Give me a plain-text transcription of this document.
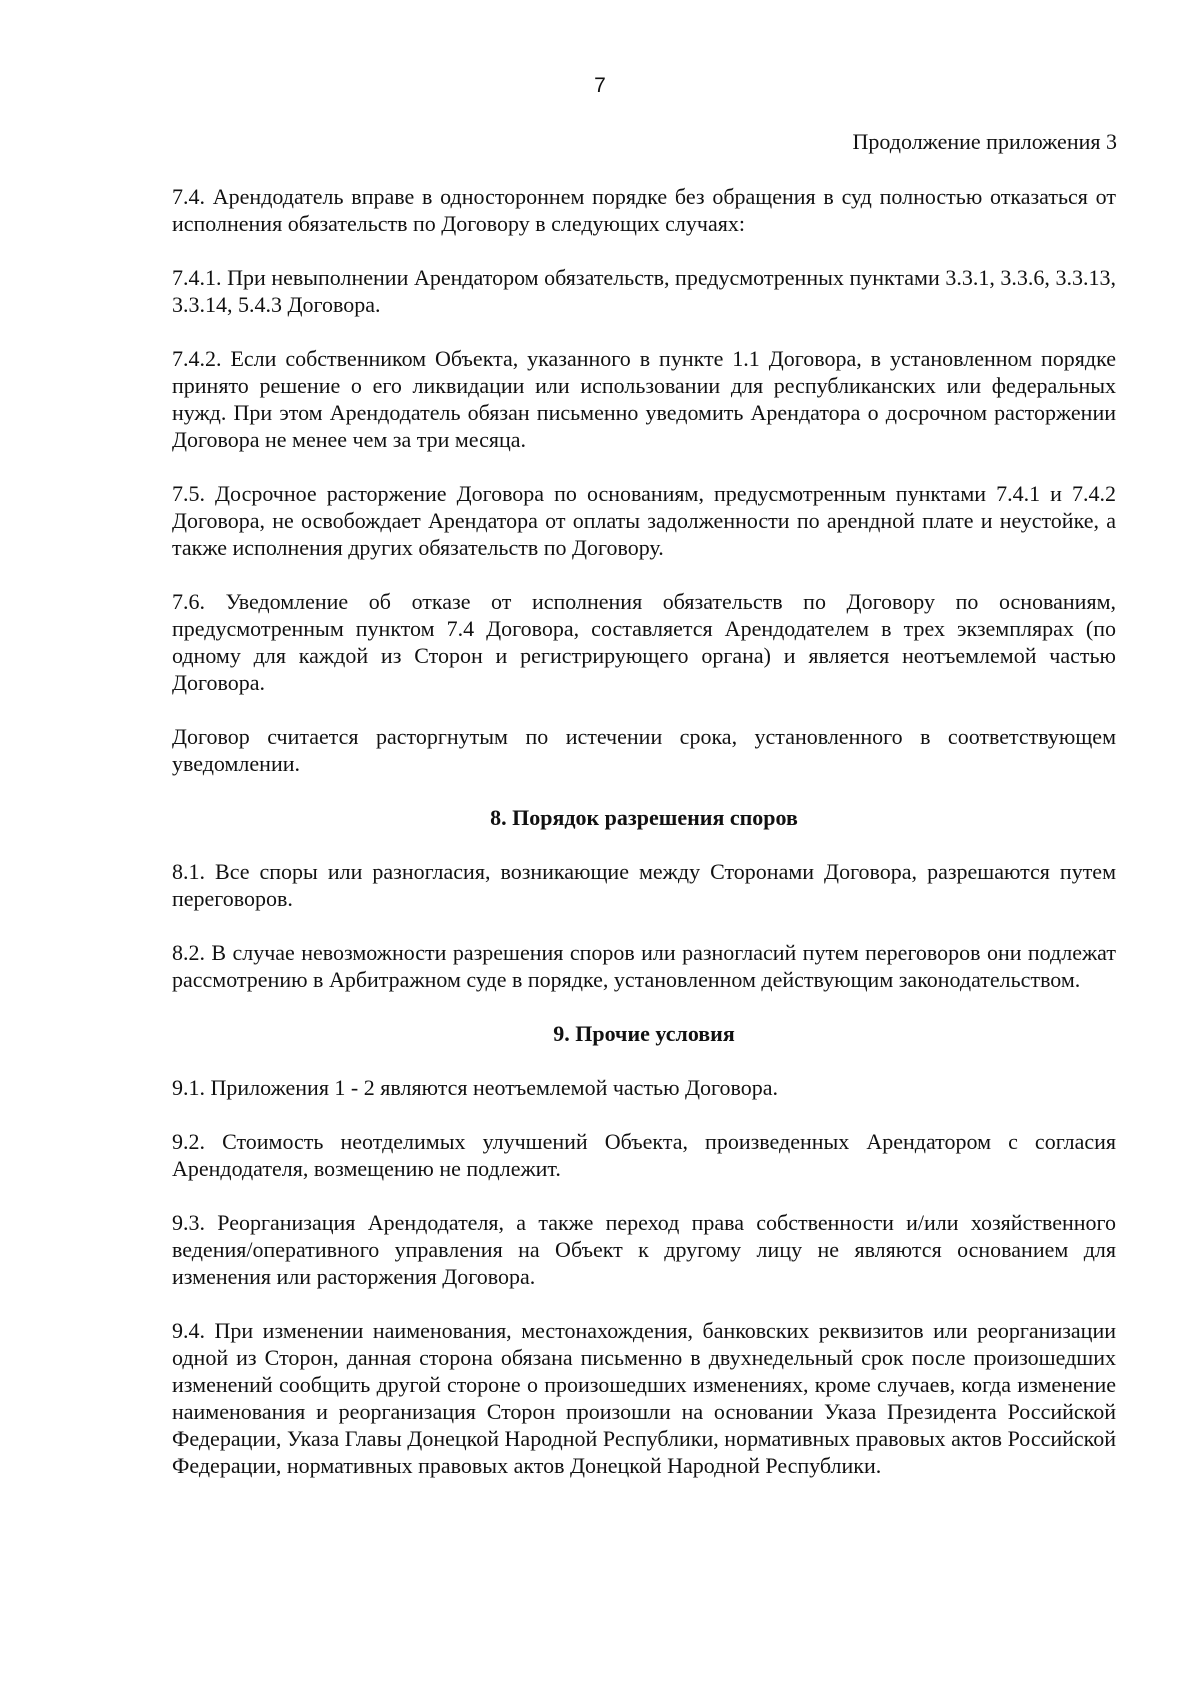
7
Продолжение приложения 3

7.4. Арендодатель вправе в одностороннем порядке без обращения в суд полностью отказаться от исполнения обязательств по Договору в следующих случаях:

7.4.1. При невыполнении Арендатором обязательств, предусмотренных пунктами 3.3.1, 3.3.6, 3.3.13, 3.3.14, 5.4.3 Договора.

7.4.2. Если собственником Объекта, указанного в пункте 1.1 Договора, в установленном порядке принято решение о его ликвидации или использовании для республиканских или федеральных нужд. При этом Арендодатель обязан письменно уведомить Арендатора о досрочном расторжении Договора не менее чем за три месяца.

7.5. Досрочное расторжение Договора по основаниям, предусмотренным пунктами 7.4.1 и 7.4.2 Договора, не освобождает Арендатора от оплаты задолженности по арендной плате и неустойке, а также исполнения других обязательств по Договору.

7.6. Уведомление об отказе от исполнения обязательств по Договору по основаниям, предусмотренным пунктом 7.4 Договора, составляется Арендодателем в трех экземплярах (по одному для каждой из Сторон и регистрирующего органа) и является неотъемлемой частью Договора.

Договор считается расторгнутым по истечении срока, установленного в соответствующем уведомлении.

8. Порядок разрешения споров

8.1. Все споры или разногласия, возникающие между Сторонами Договора, разрешаются путем переговоров.

8.2. В случае невозможности разрешения споров или разногласий путем переговоров они подлежат рассмотрению в Арбитражном суде в порядке, установленном действующим законодательством.

9. Прочие условия

9.1. Приложения 1 - 2 являются неотъемлемой частью Договора.

9.2. Стоимость неотделимых улучшений Объекта, произведенных Арендатором с согласия Арендодателя, возмещению не подлежит.

9.3. Реорганизация Арендодателя, а также переход права собственности и/или хозяйственного ведения/оперативного управления на Объект к другому лицу не являются основанием для изменения или расторжения Договора.

9.4. При изменении наименования, местонахождения, банковских реквизитов или реорганизации одной из Сторон, данная сторона обязана письменно в двухнедельный срок после произошедших изменений сообщить другой стороне о произошедших изменениях, кроме случаев, когда изменение наименования и реорганизация Сторон произошли на основании Указа Президента Российской Федерации, Указа Главы Донецкой Народной Республики, нормативных правовых актов Российской Федерации, нормативных правовых актов Донецкой Народной Республики.
